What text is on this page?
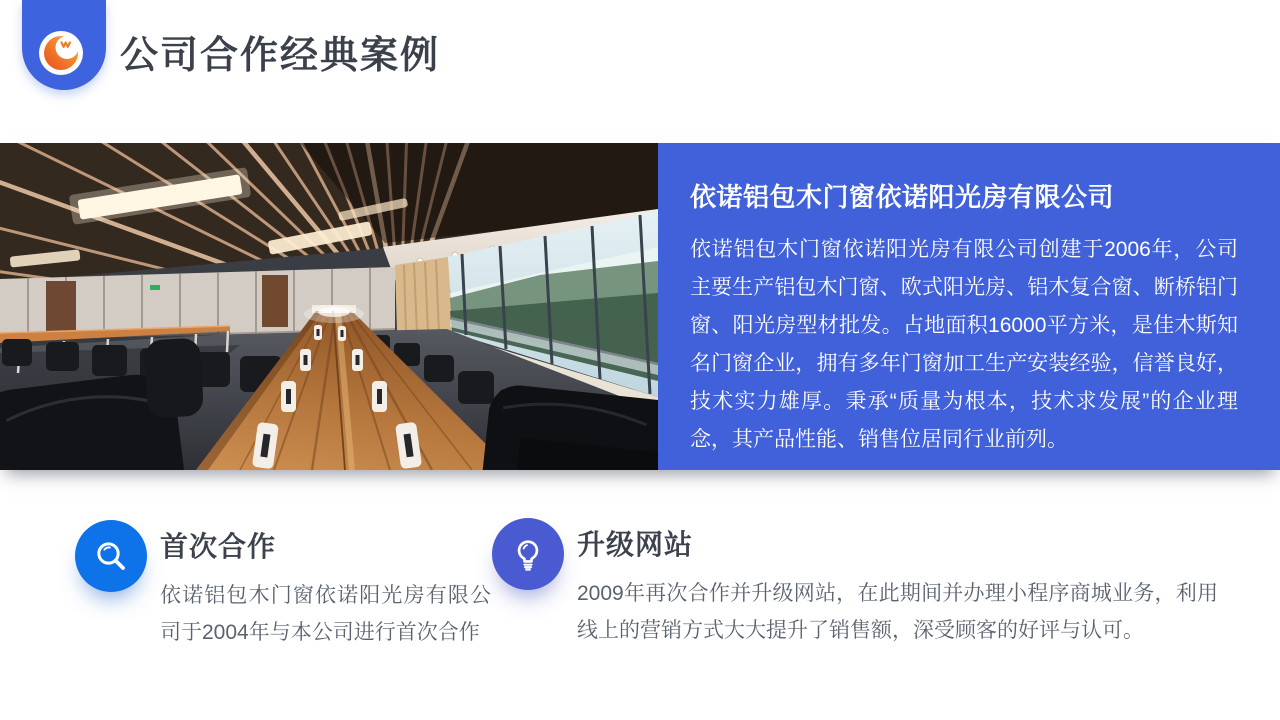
公司合作经典案例
依诺铝包木门窗依诺阳光房有限公司

依诺铝包木门窗依诺阳光房有限公司创建于2006年，公司主要生产铝包木门窗、欧式阳光房、铝木复合窗、断桥铝门窗、阳光房型材批发。占地面积16000平方米，是佳木斯知名门窗企业，拥有多年门窗加工生产安装经验，信誉良好，技术实力雄厚。秉承“质量为根本，技术求发展”的企业理念，其产品性能、销售位居同行业前列。

首次合作

依诺铝包木门窗依诺阳光房有限公司于2004年与本公司进行首次合作

升级网站

2009年再次合作并升级网站，在此期间并办理小程序商城业务，利用线上的营销方式大大提升了销售额，深受顾客的好评与认可。
